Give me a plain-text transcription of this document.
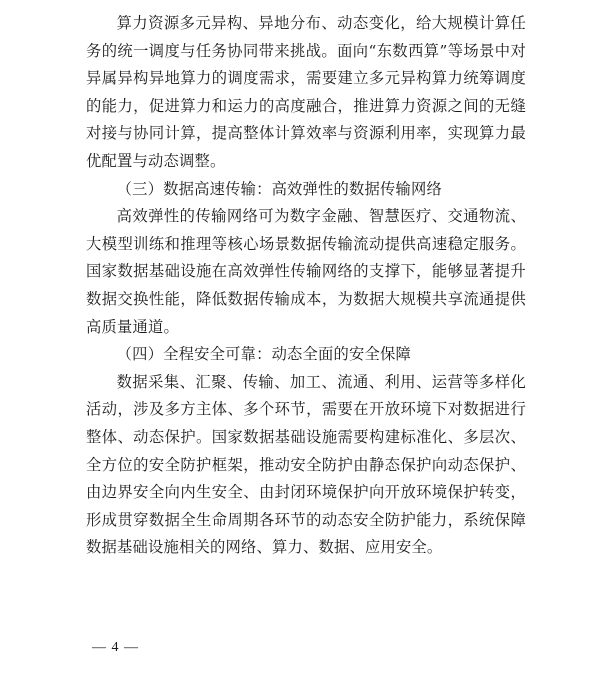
算力资源多元异构、异地分布、动态变化，给大规模计算任务的统一调度与任务协同带来挑战。面向“东数西算”等场景中对异属异构异地算力的调度需求，需要建立多元异构算力统筹调度的能力，促进算力和运力的高度融合，推进算力资源之间的无缝对接与协同计算，提高整体计算效率与资源利用率，实现算力最优配置与动态调整。

（三）数据高速传输：高效弹性的数据传输网络

高效弹性的传输网络可为数字金融、智慧医疗、交通物流、大模型训练和推理等核心场景数据传输流动提供高速稳定服务。国家数据基础设施在高效弹性传输网络的支撑下，能够显著提升数据交换性能，降低数据传输成本，为数据大规模共享流通提供高质量通道。

（四）全程安全可靠：动态全面的安全保障

数据采集、汇聚、传输、加工、流通、利用、运营等多样化活动，涉及多方主体、多个环节，需要在开放环境下对数据进行整体、动态保护。国家数据基础设施需要构建标准化、多层次、全方位的安全防护框架，推动安全防护由静态保护向动态保护、由边界安全向内生安全、由封闭环境保护向开放环境保护转变，形成贯穿数据全生命周期各环节的动态安全防护能力，系统保障数据基础设施相关的网络、算力、数据、应用安全。

— 4 —
